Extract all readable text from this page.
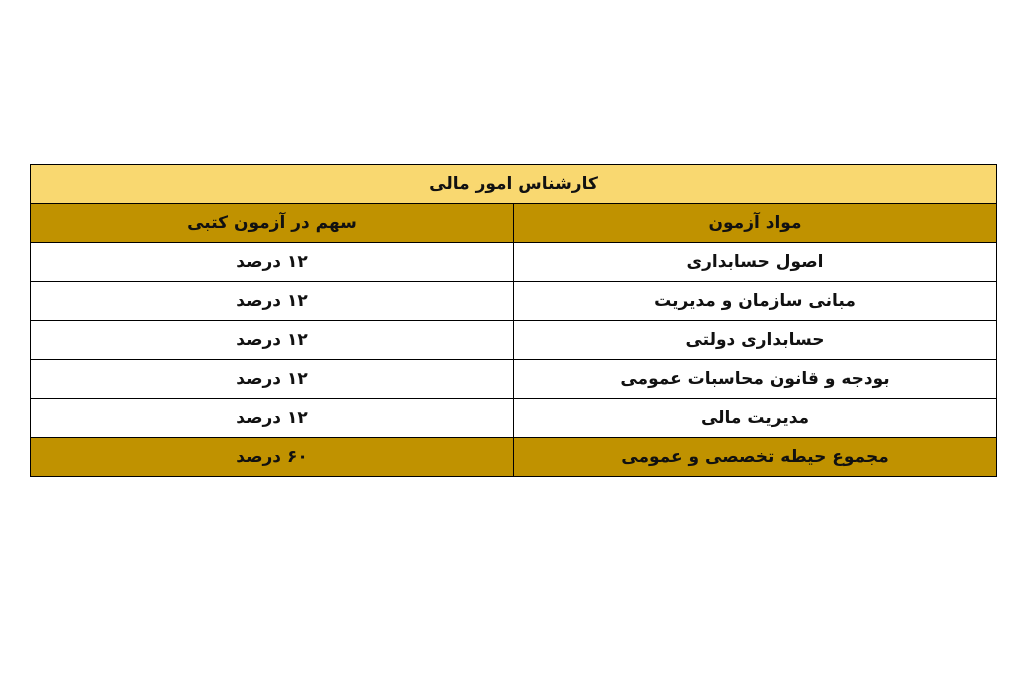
کارشناس امور مالی	
مواد آزمون	سهم در آزمون کتبی
اصول حسابداری	۱۲ درصد
مبانی سازمان و مدیریت	۱۲ درصد
حسابداری دولتی	۱۲ درصد
بودجه و قانون محاسبات عمومی	۱۲ درصد
مدیریت مالی	۱۲ درصد
مجموع حیطه تخصصی و عمومی	۶۰ درصد
